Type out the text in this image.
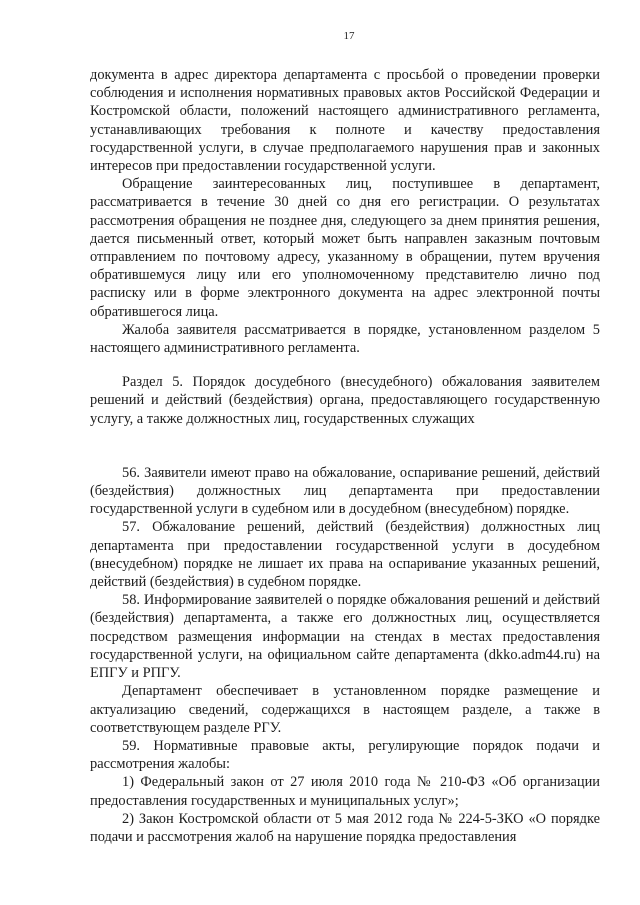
17

документа в адрес директора департамента с просьбой о проведении проверки соблюдения и исполнения нормативных правовых актов Российской Федерации и Костромской области, положений настоящего административного регламента, устанавливающих требования к полноте и качеству предоставления государственной услуги, в случае предполагаемого нарушения прав и законных интересов при предоставлении государственной услуги.

Обращение заинтересованных лиц, поступившее в департамент, рассматривается в течение 30 дней со дня его регистрации. О результатах рассмотрения обращения не позднее дня, следующего за днем принятия решения, дается письменный ответ, который может быть направлен заказным почтовым отправлением по почтовому адресу, указанному в обращении, путем вручения обратившемуся лицу или его уполномоченному представителю лично под расписку или в форме электронного документа на адрес электронной почты обратившегося лица.

Жалоба заявителя рассматривается в порядке, установленном разделом 5 настоящего административного регламента.

Раздел 5. Порядок досудебного (внесудебного) обжалования заявителем решений и действий (бездействия) органа, предоставляющего государственную услугу, а также должностных лиц, государственных служащих

56. Заявители имеют право на обжалование, оспаривание решений, действий (бездействия) должностных лиц департамента при предоставлении государственной услуги в судебном или в досудебном (внесудебном) порядке.

57. Обжалование решений, действий (бездействия) должностных лиц департамента при предоставлении государственной услуги в досудебном (внесудебном) порядке не лишает их права на оспаривание указанных решений, действий (бездействия) в судебном порядке.

58. Информирование заявителей о порядке обжалования решений и действий (бездействия) департамента, а также его должностных лиц, осуществляется посредством размещения информации на стендах в местах предоставления государственной услуги, на официальном сайте департамента (dkko.adm44.ru) на ЕПГУ и РПГУ.

Департамент обеспечивает в установленном порядке размещение и актуализацию сведений, содержащихся в настоящем разделе, а также в соответствующем разделе РГУ.

59. Нормативные правовые акты, регулирующие порядок подачи и рассмотрения жалобы:

1) Федеральный закон от 27 июля 2010 года № 210-ФЗ «Об организации предоставления государственных и муниципальных услуг»;

2) Закон Костромской области от 5 мая 2012 года № 224-5-ЗКО «О порядке подачи и рассмотрения жалоб на нарушение порядка предоставления
